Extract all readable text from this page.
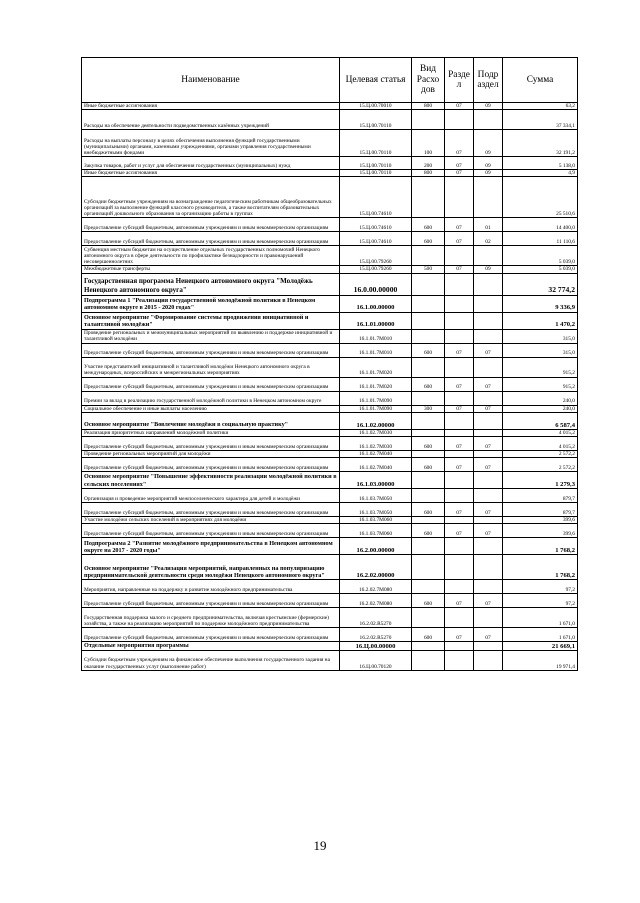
Наименование	Целевая статья	Вид Расхо дов	Разде л	Подр аздел	Сумма
Иные бюджетные ассигнования	15.Ц.00.70010	800	07	09	63,2
Расходы на обеспечение деятельности подведомственных казённых учреждений	15.Ц.00.70110				37 334,1
Расходы на выплаты персоналу в целях обеспечения выполнения функций государственными (муниципальными) органами, казенными учреждениями, органами управления государственными внебюджетными фондами	15.Ц.00.70110	100	07	09	32 191,2
Закупка товаров, работ и услуг для обеспечения государственных (муниципальных) нужд	15.Ц.00.70110	200	07	09	5 138,0
Иные бюджетные ассигнования	15.Ц.00.70110	800	07	09	4,9
Субсидии бюджетным учреждениям на вознаграждение педагогическим работникам общеобразовательных организаций за выполнение функций классного руководителя, а также воспитателям образовательных организаций дошкольного образования за организацию работы в группах	15.Ц.00.74610				25 510,6
Предоставление субсидий бюджетным, автономным учреждениям и иным некоммерческим организациям	15.Ц.00.74610	600	07	01	14 400,0
Предоставление субсидий бюджетным, автономным учреждениям и иным некоммерческим организациям	15.Ц.00.74610	600	07	02	11 110,6
Субвенция местным бюджетам на осуществление отдельных государственных полномочий Ненецкого автономного округа в сфере деятельности по профилактике безнадзорности и правонарушений несовершеннолетних	15.Ц.00.79260				5 039,0
Межбюджетные трансферты	15.Ц.00.79260	500	07	09	5 039,0
Государственная программа Ненецкого автономного округа "Молодёжь Ненецкого автономного округа"	16.0.00.00000				32 774,2
Подпрограмма 1 "Реализация государственной молодёжной политики в Ненецком автономном округе в 2015 - 2020 годах"	16.1.00.00000				9 336,9
Основное мероприятие "Формирование системы продвижения инициативной и талантливой молодёжи"	16.1.01.00000				1 470,2
Проведение региональных и межмуниципальных мероприятий по выявлению и поддержке инициативной и талантливой молодёжи	16.1.01.7М010				315,0
Предоставление субсидий бюджетным, автономным учреждениям и иным некоммерческим организациям	16.1.01.7М010	600	07	07	315,0
Участие представителей инициативной и талантливой молодёжи Ненецкого автономного округа в международных, всероссийских и межрегиональных мероприятиях	16.1.01.7М020				915,2
Предоставление субсидий бюджетным, автономным учреждениям и иным некоммерческим организациям	16.1.01.7М020	600	07	07	915,2
Премии за вклад в реализацию государственной молодёжной политики в Ненецком автономном округе	16.1.01.7М090				240,0
Социальное обеспечение и иные выплаты населению	16.1.01.7М090	300	07	07	240,0
Основное мероприятие "Вовлечение молодёжи в социальную практику"	16.1.02.00000				6 587,4
Реализация приоритетных направлений молодёжной политики	16.1.02.7М030				4 015,2
Предоставление субсидий бюджетным, автономным учреждениям и иным некоммерческим организациям	16.1.02.7М030	600	07	07	4 015,2
Проведение региональных мероприятий для молодёжи	16.1.02.7М040				2 572,2
Предоставление субсидий бюджетным, автономным учреждениям и иным некоммерческим организациям	16.1.02.7М040	600	07	07	2 572,2
Основное мероприятие "Повышение эффективности реализации молодёжной политики в сельских поселениях"	16.1.03.00000				1 279,3
Организация и проведение мероприятий межпоселенческого характера для детей и молодёжи	16.1.03.7М050				879,7
Предоставление субсидий бюджетным, автономным учреждениям и иным некоммерческим организациям	16.1.03.7М050	600	07	07	879,7
Участие молодёжи сельских поселений в мероприятиях для молодёжи	16.1.03.7М060				399,6
Предоставление субсидий бюджетным, автономным учреждениям и иным некоммерческим организациям	16.1.03.7М060	600	07	07	399,6
Подпрограмма 2 "Развитие молодёжного предпринимательства в Ненецком автономном округе на 2017 - 2020 годы"	16.2.00.00000				1 768,2
Основное мероприятие "Реализация мероприятий, направленных на популяризацию предпринимательской деятельности среди молодёжи Ненецкого автономного округа"	16.2.02.00000				1 768,2
Мероприятия, направленные на поддержку и развитие молодёжного предпринимательства	16.2.02.7М080				97,2
Предоставление субсидий бюджетным, автономным учреждениям и иным некоммерческим организациям	16.2.02.7М080	600	07	07	97,2
Государственная поддержка малого и среднего предпринимательства, включая крестьянские (фермерские) хозяйства, а также на реализацию мероприятий по поддержке молодёжного предпринимательства	16.2.02.R5270				1 671,0
Предоставление субсидий бюджетным, автономным учреждениям и иным некоммерческим организациям	16.2.02.R5270	600	07	07	1 671,0
Отдельные мероприятия программы	16.Ц.00.00000				21 669,1
Субсидии бюджетным учреждениям на финансовое обеспечение выполнения государственного задания на оказание государственных услуг (выполнение работ)	16.Ц.00.70120				19 971,4
19
